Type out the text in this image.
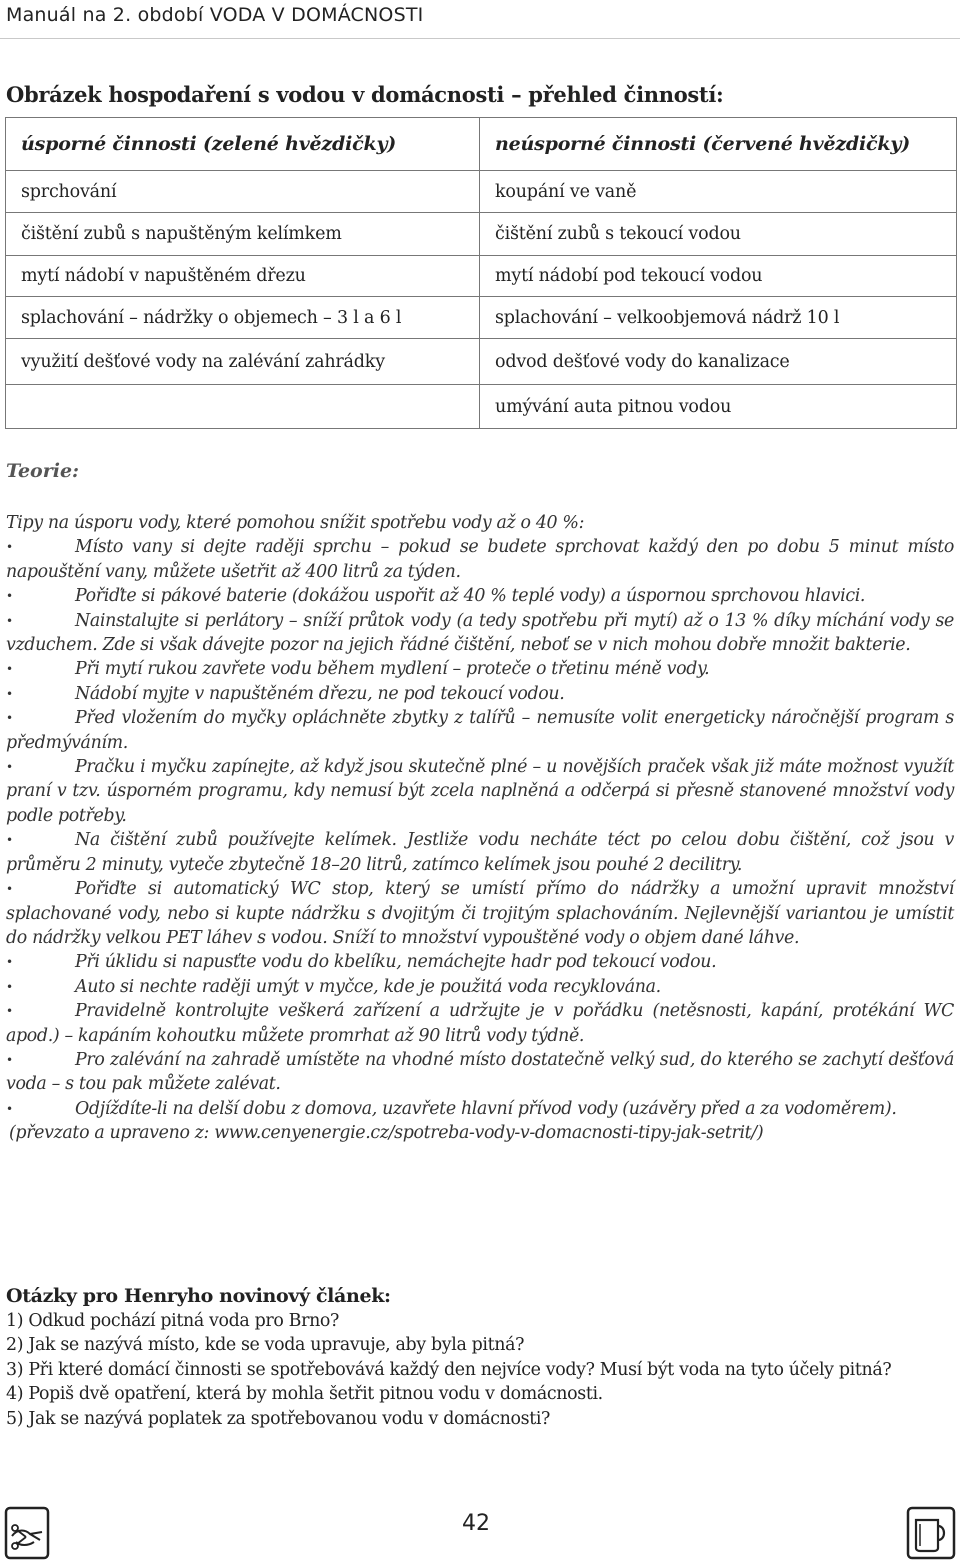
Manuál na 2. období VODA V DOMÁCNOSTI
Obrázek hospodaření s vodou v domácnosti – přehled činností:
úsporné činnosti (zelené hvězdičky)	neúsporné činnosti (červené hvězdičky)
sprchování	koupání ve vaně
čištění zubů s napuštěným kelímkem	čištění zubů s tekoucí vodou
mytí nádobí v napuštěném dřezu	mytí nádobí pod tekoucí vodou
splachování – nádržky o objemech – 3 l a 6 l	splachování – velkoobjemová nádrž 10 l
využití dešťové vody na zalévání zahrádky	odvod dešťové vody do kanalizace
	umývání auta pitnou vodou
Teorie:

Tipy na úsporu vody, které pomohou snížit spotřebu vody až o 40 %:

•	Místo vany si dejte raději sprchu – pokud se budete sprchovat každý den po dobu 5 minut místo napouštění vany, můžete ušetřit až 400 litrů za týden.

•	Pořiďte si pákové baterie (dokážou uspořit až 40 % teplé vody) a úspornou sprchovou hlavici.

•	Nainstalujte si perlátory – sníží průtok vody (a tedy spotřebu při mytí) až o 13 % díky míchání vody se vzduchem. Zde si však dávejte pozor na jejich řádné čištění, neboť se v nich mohou dobře množit bakterie.

•	Při mytí rukou zavřete vodu během mydlení – proteče o třetinu méně vody.

•	Nádobí myjte v napuštěném dřezu, ne pod tekoucí vodou.

•	Před vložením do myčky opláchněte zbytky z talířů – nemusíte volit energeticky náročnější program s předmýváním.

•	Pračku i myčku zapínejte, až když jsou skutečně plné – u novějších praček však již máte možnost využít praní v tzv. úsporném programu, kdy nemusí být zcela naplněná a odčerpá si přesně stanovené množství vody podle potřeby.

•	Na čištění zubů používejte kelímek. Jestliže vodu necháte téct po celou dobu čištění, což jsou v průměru 2 minuty, vyteče zbytečně 18–20 litrů, zatímco kelímek jsou pouhé 2 decilitry.

•	Pořiďte si automatický WC stop, který se umístí přímo do nádržky a umožní upravit množství splachované vody, nebo si kupte nádržku s dvojitým či trojitým splachováním. Nejlevnější variantou je umístit do nádržky velkou PET láhev s vodou. Sníží to množství vypouštěné vody o objem dané láhve.

•	Při úklidu si napusťte vodu do kbelíku, nemáchejte hadr pod tekoucí vodou.

•	Auto si nechte raději umýt v myčce, kde je použitá voda recyklována.

•	Pravidelně kontrolujte veškerá zařízení a udržujte je v pořádku (netěsnosti, kapání, protékání WC apod.) – kapáním kohoutku můžete promrhat až 90 litrů vody týdně.

•	Pro zalévání na zahradě umístěte na vhodné místo dostatečně velký sud, do kterého se zachytí dešťová voda – s tou pak můžete zalévat.

•	Odjíždíte-li na delší dobu z domova, uzavřete hlavní přívod vody (uzávěry před a za vodoměrem).

(převzato a upraveno z: www.cenyenergie.cz/spotreba-vody-v-domacnosti-tipy-jak-setrit/)

Otázky pro Henryho novinový článek:

1) Odkud pochází pitná voda pro Brno?

2) Jak se nazývá místo, kde se voda upravuje, aby byla pitná?

3) Při které domácí činnosti se spotřebovává každý den nejvíce vody? Musí být voda na tyto účely pitná?

4) Popiš dvě opatření, která by mohla šetřit pitnou vodu v domácnosti.

5) Jak se nazývá poplatek za spotřebovanou vodu v domácnosti?

42
